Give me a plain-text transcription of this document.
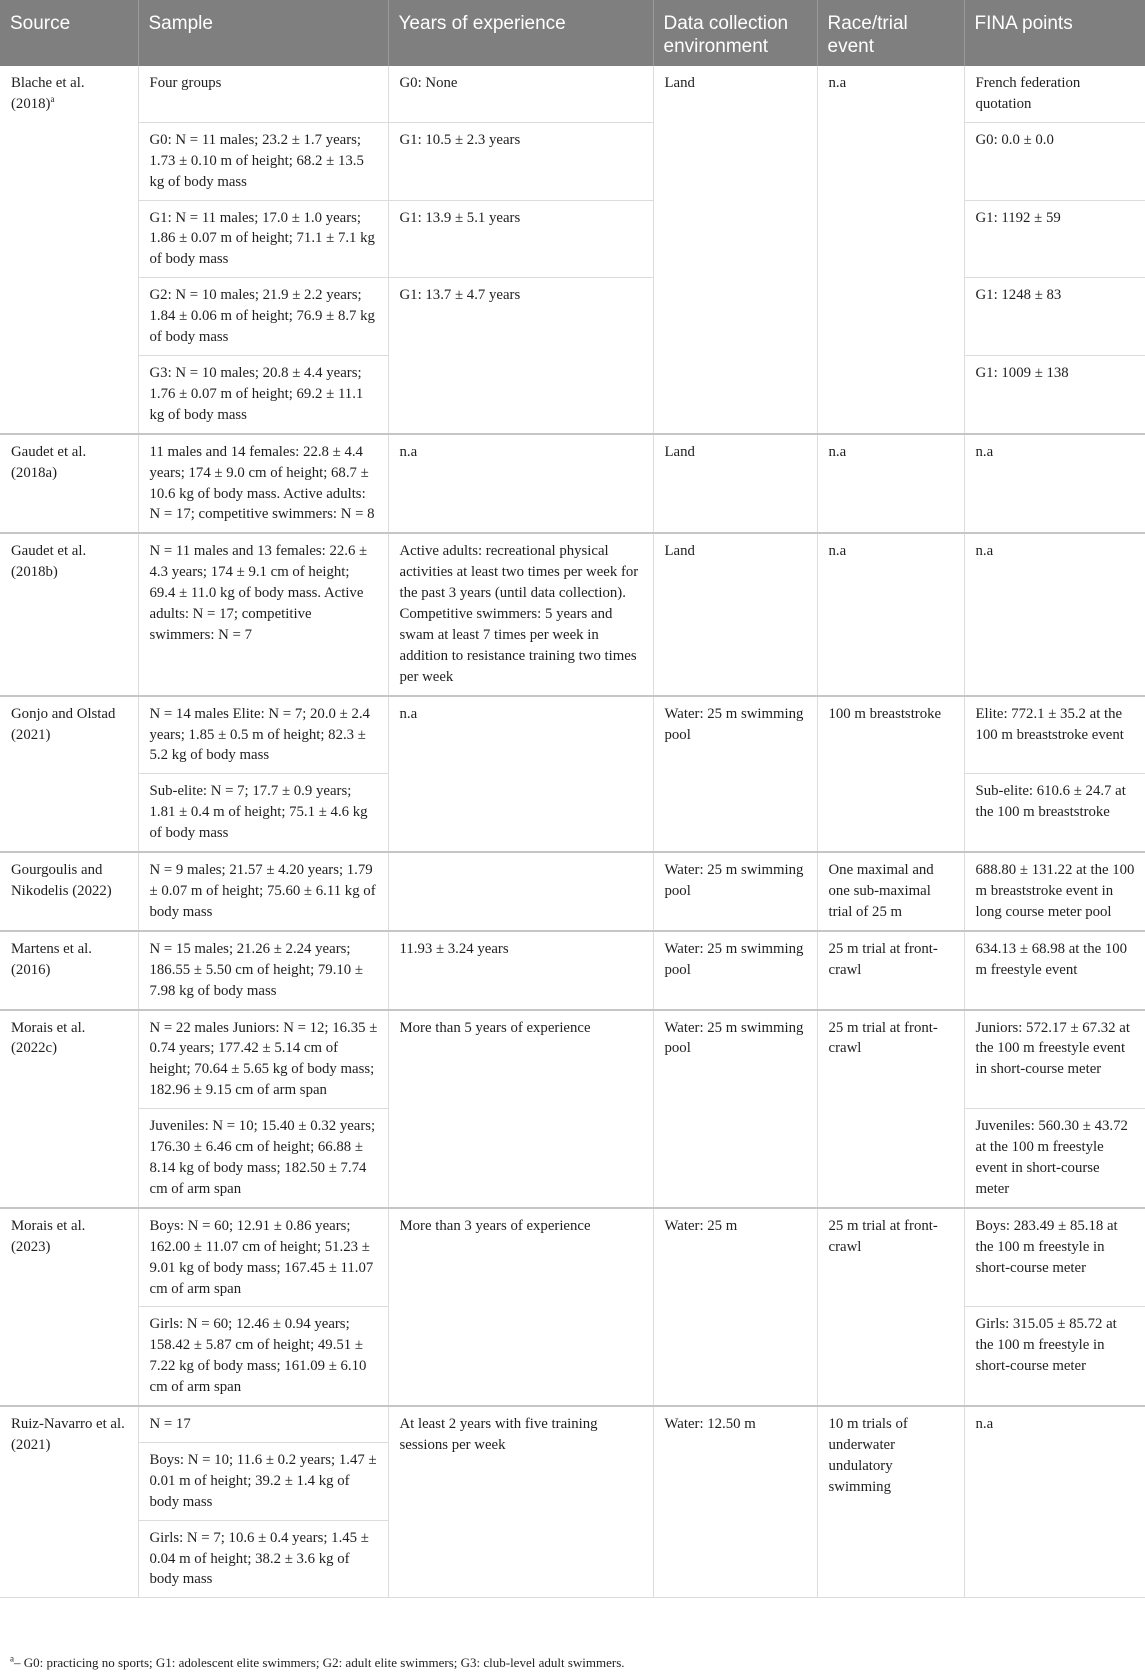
Source	Sample	Years of experience	Data collection environment	Race/trial event	FINA points
Blache et al. $(2018)^a$	Four groups	G0: None	Land	n.a	French federation quotation
	G0: N = 11 males; 23.2 ± 1.7 years; 1.73 ± 0.10 m of height; 68.2 ± 13.5 kg of body mass	G1: 10.5 ± 2.3 years			G0: 0.0 ± 0.0
	G1: N = 11 males; 17.0 ± 1.0 years; 1.86 ± 0.07 m of height; 71.1 ± 7.1 kg of body mass	G1: 13.9 ± 5.1 years			G1: 1192 ± 59
	G2: N = 10 males; 21.9 ± 2.2 years; 1.84 ± 0.06 m of height; 76.9 ± 8.7 kg of body mass	G1: 13.7 ± 4.7 years			G1: 1248 ± 83
	G3: N = 10 males; 20.8 ± 4.4 years; 1.76 ± 0.07 m of height; 69.2 ± 11.1 kg of body mass				G1: 1009 ± 138
Gaudet et al. (2018a)	11 males and 14 females: 22.8 ± 4.4 years; 174 ± 9.0 cm of height; 68.7 ± 10.6 kg of body mass. Active adults: N = 17; competitive swimmers: N = 8	n.a	Land	n.a	n.a
Gaudet et al. (2018b)	N = 11 males and 13 females: 22.6 ± 4.3 years; 174 ± 9.1 cm of height; 69.4 ± 11.0 kg of body mass. Active adults: N = 17; competitive swimmers: N = 7	Active adults: recreational physical activities at least two times per week for the past 3 years (until data collection). Competitive swimmers: 5 years and swam at least 7 times per week in addition to resistance training two times per week	Land	n.a	n.a
Gonjo and Olstad (2021)	N = 14 males Elite: N = 7; 20.0 ± 2.4 years; 1.85 ± 0.5 m of height; 82.3 ± 5.2 kg of body mass	n.a	Water: 25 m swimming pool	100 m breaststroke	Elite: 772.1 ± 35.2 at the 100 m breaststroke event
	Sub-elite: N = 7; 17.7 ± 0.9 years; 1.81 ± 0.4 m of height; 75.1 ± 4.6 kg of body mass				Sub-elite: 610.6 ± 24.7 at the 100 m breaststroke
Gourgoulis and Nikodelis (2022)	N = 9 males; 21.57 ± 4.20 years; 1.79 ± 0.07 m of height; 75.60 ± 6.11 kg of body mass		Water: 25 m swimming pool	One maximal and one sub-maximal trial of 25 m	688.80 ± 131.22 at the 100 m breaststroke event in long course meter pool
Martens et al. (2016)	N = 15 males; 21.26 ± 2.24 years; 186.55 ± 5.50 cm of height; 79.10 ± 7.98 kg of body mass	11.93 ± 3.24 years	Water: 25 m swimming pool	25 m trial at front-crawl	634.13 ± 68.98 at the 100 m freestyle event
Morais et al. (2022c)	N = 22 males Juniors: N = 12; 16.35 ± 0.74 years; 177.42 ± 5.14 cm of height; 70.64 ± 5.65 kg of body mass; 182.96 ± 9.15 cm of arm span	More than 5 years of experience	Water: 25 m swimming pool	25 m trial at front-crawl	Juniors: 572.17 ± 67.32 at the 100 m freestyle event in short-course meter
	Juveniles: N = 10; 15.40 ± 0.32 years; 176.30 ± 6.46 cm of height; 66.88 ± 8.14 kg of body mass; 182.50 ± 7.74 cm of arm span				Juveniles: 560.30 ± 43.72 at the 100 m freestyle event in short-course meter
Morais et al. (2023)	Boys: N = 60; 12.91 ± 0.86 years; 162.00 ± 11.07 cm of height; 51.23 ± 9.01 kg of body mass; 167.45 ± 11.07 cm of arm span	More than 3 years of experience	Water: 25 m	25 m trial at front-crawl	Boys: 283.49 ± 85.18 at the 100 m freestyle in short-course meter
	Girls: N = 60; 12.46 ± 0.94 years; 158.42 ± 5.87 cm of height; 49.51 ± 7.22 kg of body mass; 161.09 ± 6.10 cm of arm span				Girls: 315.05 ± 85.72 at the 100 m freestyle in short-course meter
Ruiz-Navarro et al. (2021)	N = 17	At least 2 years with five training sessions per week	Water: 12.50 m	10 m trials of underwater undulatory swimming	n.a
	Boys: N = 10; 11.6 ± 0.2 years; 1.47 ± 0.01 m of height; 39.2 ± 1.4 kg of body mass				
	Girls: N = 7; 10.6 ± 0.4 years; 1.45 ± 0.04 m of height; 38.2 ± 3.6 kg of body mass				
$^a$– G0: practicing no sports; G1: adolescent elite swimmers; G2: adult elite swimmers; G3: club-level adult swimmers.
